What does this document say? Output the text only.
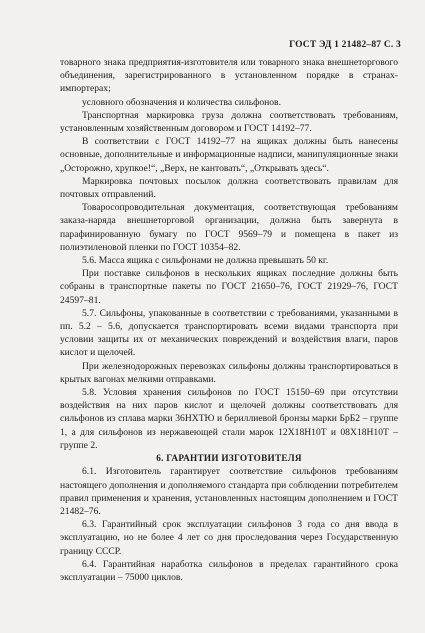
ГОСТ ЭД 1 21482–87 С. 3

товарного знака предприятия-изготовителя или товарного знака внешнеторгового объединения, зарегистрированного в установленном порядке в странах-импортерах;

условного обозначения и количества сильфонов.

Транспортная маркировка груза должна соответствовать требованиям, установленным хозяйственным договором и ГОСТ 14192–77.

В соответствии с ГОСТ 14192–77 на ящиках должны быть нанесены основные, дополнительные и информационные надписи, манипуляционные знаки „Осторожно, хрупкое!“, „Верх, не кантовать“, „Открывать здесь“.

Маркировка почтовых посылок должна соответствовать правилам для почтовых отправлений.

Товаросопроводительная документация, соответствующая требованиям заказа-наряда внешнеторговой организации, должна быть завернута в парафинированную бумагу по ГОСТ 9569–79 и помещена в пакет из полиэтиленовой пленки по ГОСТ 10354–82.

5.6. Масса ящика с сильфонами не должна превышать 50 кг.

При поставке сильфонов в нескольких ящиках последние должны быть собраны в транспортные пакеты по ГОСТ 21650–76, ГОСТ 21929–76, ГОСТ 24597–81.

5.7. Сильфоны, упакованные в соответствии с требованиями, указанными в пп. 5.2 – 5.6, допускается транспортировать всеми видами транспорта при условии защиты их от механических повреждений и воздействия влаги, паров кислот и щелочей.

При железнодорожных перевозках сильфоны должны транспортироваться в крытых вагонах мелкими отправками.

5.8. Условия хранения сильфонов по ГОСТ 15150–69 при отсутствии воздействия на них паров кислот и щелочей должны соответствовать для сильфонов из сплава марки 36НХТЮ и бериллиевой бронзы марки БрБ2 – группе 1, а для сильфонов из нержавеющей стали марок 12Х18Н10Т и 08Х18Н10Т – группе 2.

6. ГАРАНТИИ ИЗГОТОВИТЕЛЯ

6.1. Изготовитель гарантирует соответствие сильфонов требованиям настоящего дополнения и дополняемого стандарта при соблюдении потребителем правил применения и хранения, установленных настоящим дополнением и ГОСТ 21482–76.

6.3. Гарантийный срок эксплуатации сильфонов 3 года со дня ввода в эксплуатацию, но не более 4 лет со дня проследования через Государственную границу СССР.

6.4. Гарантийная наработка сильфонов в пределах гарантийного срока эксплуатации – 75000 циклов.
